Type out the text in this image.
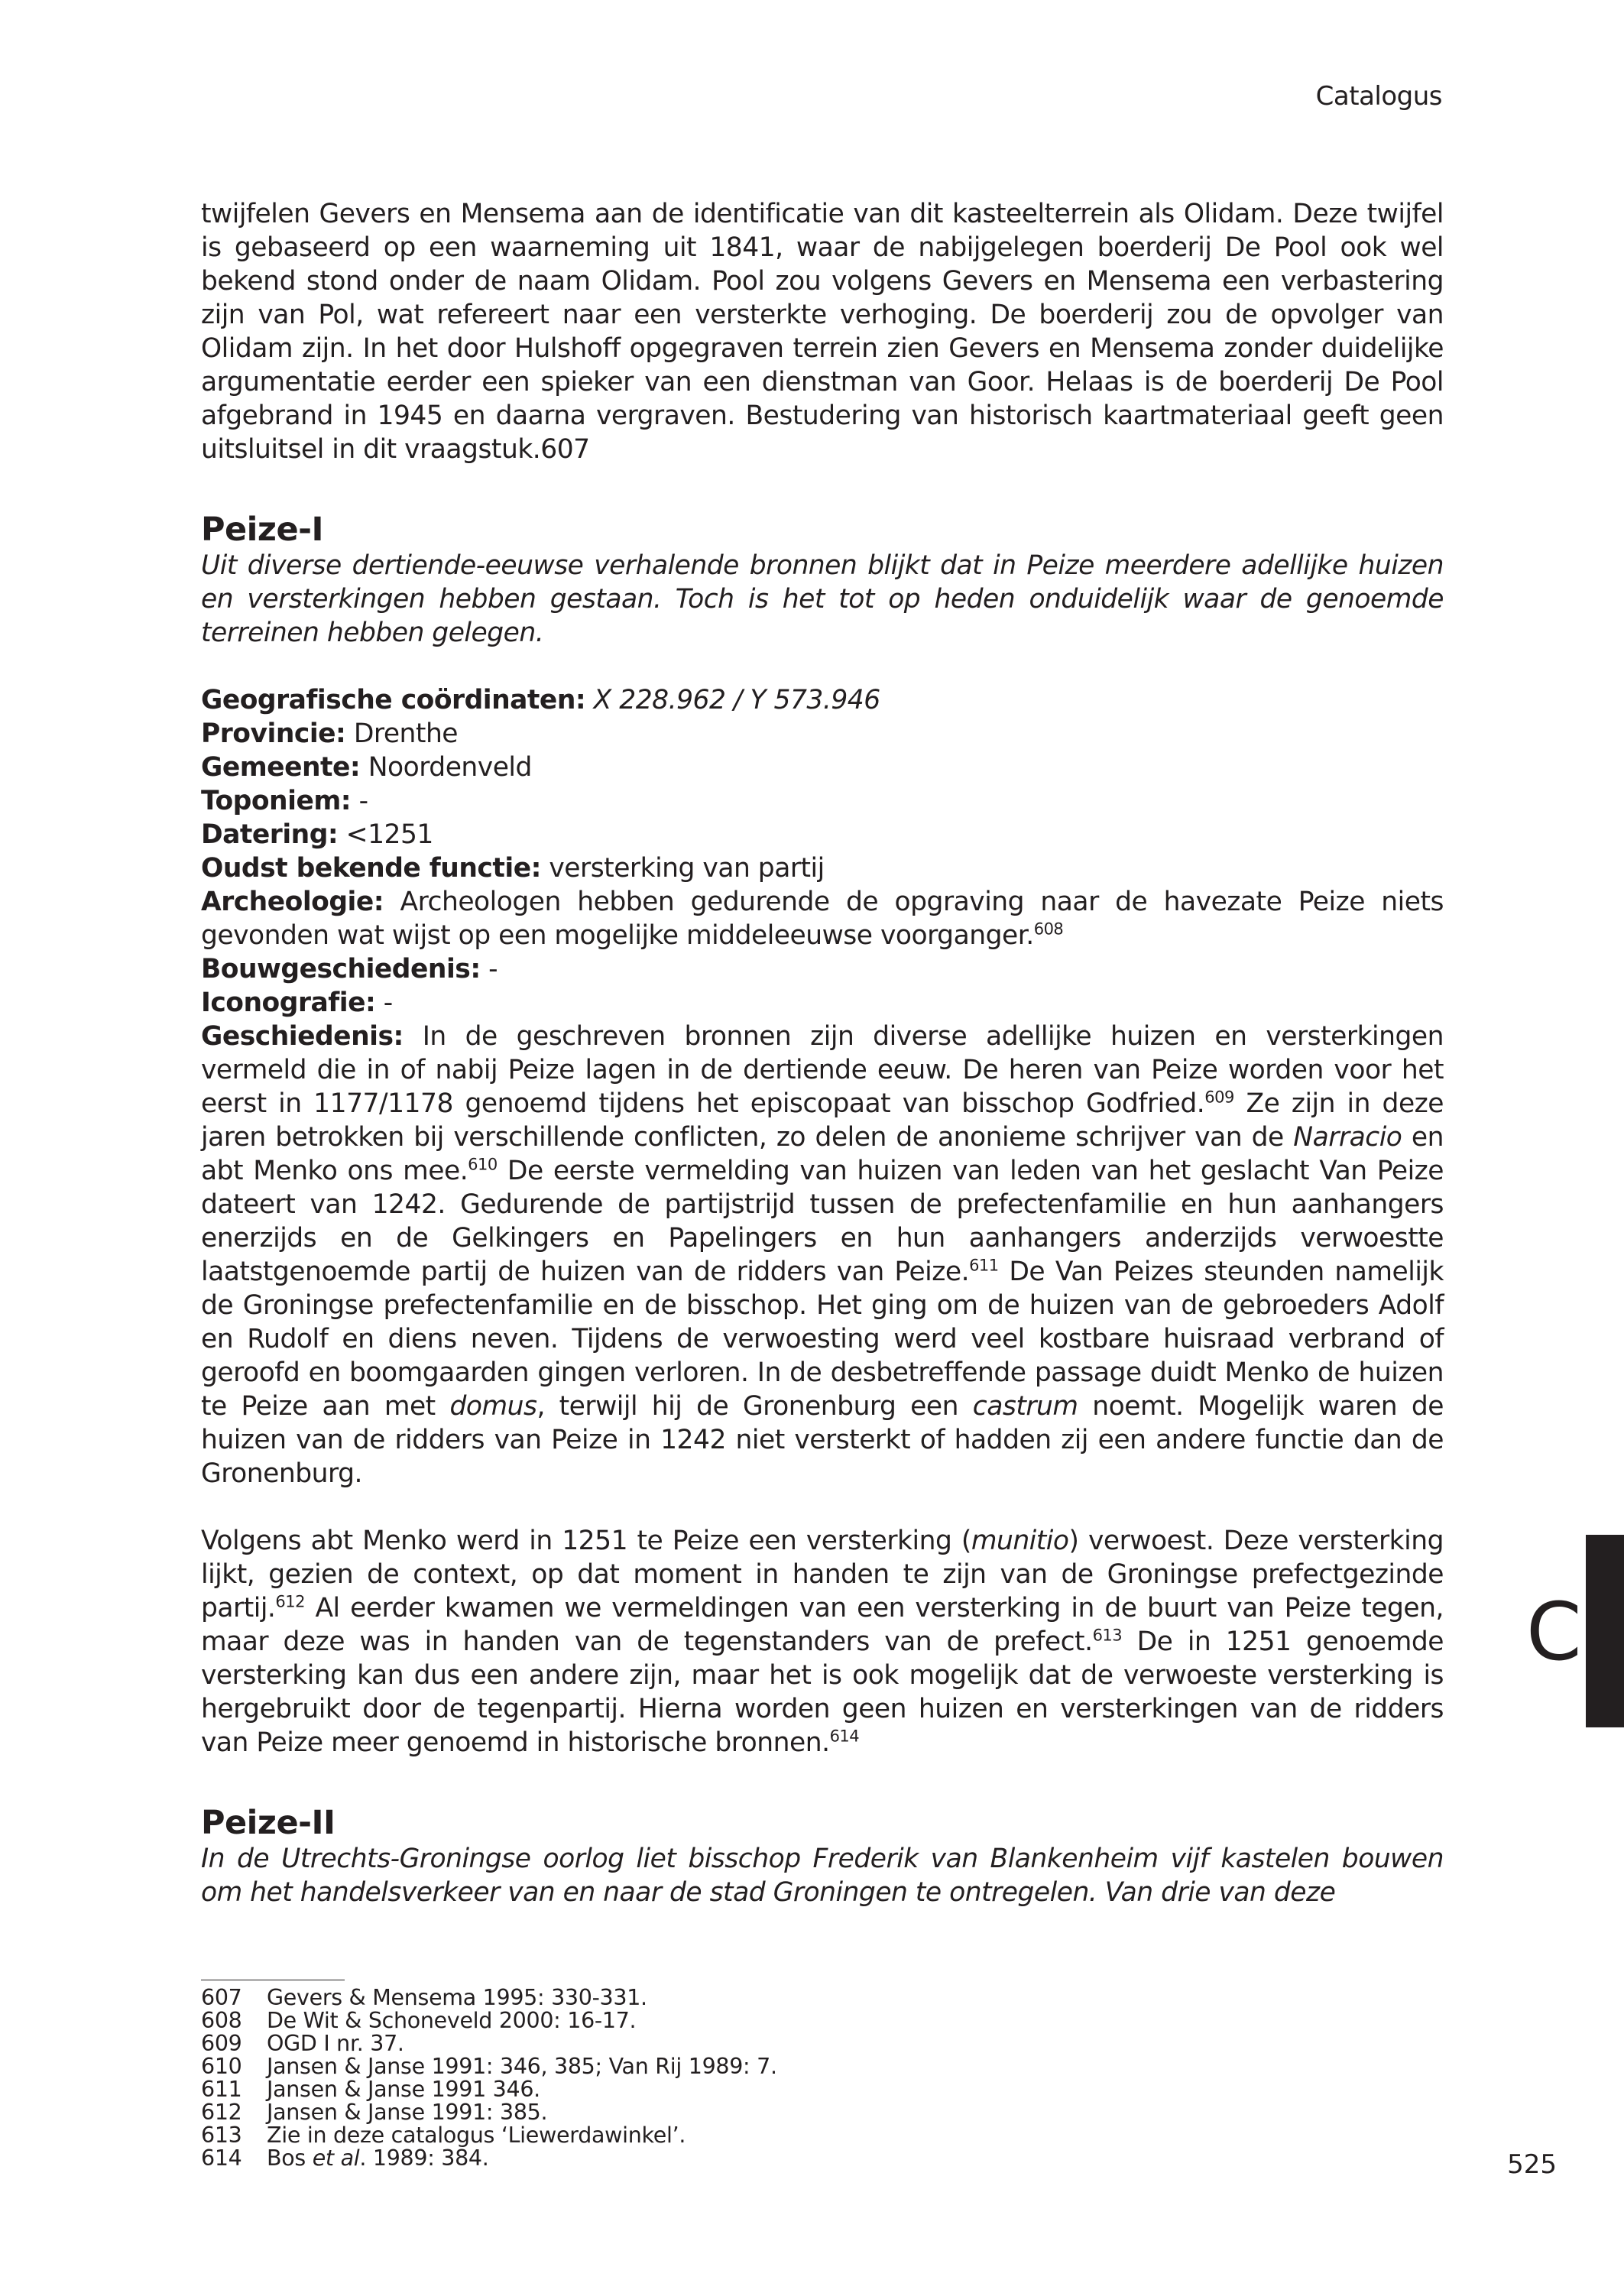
Catalogus

twijfelen Gevers en Mensema aan de identificatie van dit kasteelterrein als Olidam. Deze twijfel is gebaseerd op een waarneming uit 1841, waar de nabijgelegen boerderij De Pool ook wel bekend stond onder de naam Olidam. Pool zou volgens Gevers en Mensema een verbastering zijn van Pol, wat refereert naar een versterkte verhoging. De boerderij zou de opvolger van Olidam zijn. In het door Hulshoff opgegraven terrein zien Gevers en Mensema zonder duidelijke argumentatie eerder een spieker van een dienstman van Goor. Helaas is de boerderij De Pool afgebrand in 1945 en daarna vergraven. Bestudering van historisch kaartmateriaal geeft geen uitsluitsel in dit vraagstuk.607

Peize-I

Uit diverse dertiende-eeuwse verhalende bronnen blijkt dat in Peize meerdere adellijke huizen en versterkingen hebben gestaan. Toch is het tot op heden onduidelijk waar de genoemde terreinen hebben gelegen.

Geografische coördinaten: X 228.962 / Y 573.946
Provincie: Drenthe
Gemeente: Noordenveld
Toponiem: -
Datering: <1251
Oudst bekende functie: versterking van partij

Archeologie: Archeologen hebben gedurende de opgraving naar de havezate Peize niets gevonden wat wijst op een mogelijke middeleeuwse voorganger.$^{608}$

Bouwgeschiedenis: -
Iconografie: -

Geschiedenis: In de geschreven bronnen zijn diverse adellijke huizen en versterkingen vermeld die in of nabij Peize lagen in de dertiende eeuw. De heren van Peize worden voor het eerst in 1177/1178 genoemd tijdens het episcopaat van bisschop Godfried.$^{609}$ Ze zijn in deze jaren betrokken bij verschillende conflicten, zo delen de anonieme schrijver van de Narracio en abt Menko ons mee.$^{610}$ De eerste vermelding van huizen van leden van het geslacht Van Peize dateert van 1242. Gedurende de partijstrijd tussen de prefectenfamilie en hun aanhangers enerzijds en de Gelkingers en Papelingers en hun aanhangers anderzijds verwoestte laatstgenoemde partij de huizen van de ridders van Peize.$^{611}$ De Van Peizes steunden namelijk de Groningse prefectenfamilie en de bisschop. Het ging om de huizen van de gebroeders Adolf en Rudolf en diens neven. Tijdens de verwoesting werd veel kostbare huisraad verbrand of geroofd en boomgaarden gingen verloren. In de desbetreffende passage duidt Menko de huizen te Peize aan met domus, terwijl hij de Gronenburg een castrum noemt. Mogelijk waren de huizen van de ridders van Peize in 1242 niet versterkt of hadden zij een andere functie dan de Gronenburg.

Volgens abt Menko werd in 1251 te Peize een versterking (munitio) verwoest. Deze versterking lijkt, gezien de context, op dat moment in handen te zijn van de Groningse prefectgezinde partij.$^{612}$ Al eerder kwamen we vermeldingen van een versterking in de buurt van Peize tegen, maar deze was in handen van de tegenstanders van de prefect.$^{613}$ De in 1251 genoemde versterking kan dus een andere zijn, maar het is ook mogelijk dat de verwoeste versterking is hergebruikt door de tegenpartij. Hierna worden geen huizen en versterkingen van de ridders van Peize meer genoemd in historische bronnen.$^{614}$

Peize-II

In de Utrechts-Groningse oorlog liet bisschop Frederik van Blankenheim vijf kastelen bouwen om het handelsverkeer van en naar de stad Groningen te ontregelen. Van drie van deze

607	Gevers & Mensema 1995: 330-331.
608	De Wit & Schoneveld 2000: 16-17.
609	OGD I nr. 37.
610	Jansen & Janse 1991: 346, 385; Van Rij 1989: 7.
611	Jansen & Janse 1991 346.
612	Jansen & Janse 1991: 385.
613	Zie in deze catalogus ‘Liewerdawinkel’.
614	Bos et al. 1989: 384.
C
525
